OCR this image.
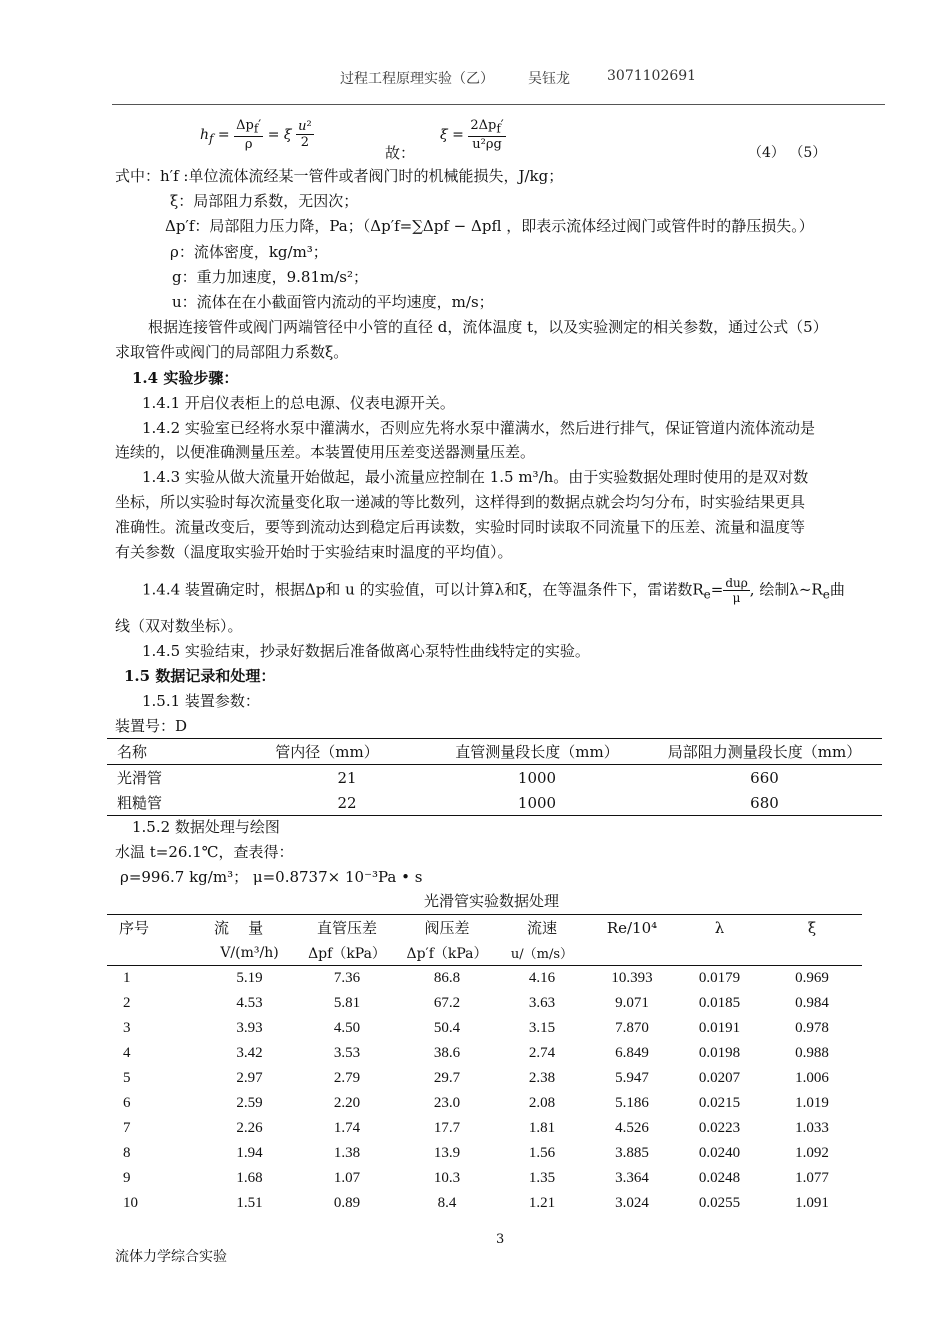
过程工程原理实验（乙） 吴钰龙	3071102691
$h_f = \frac{\Delta p_f'}{\rho} = \xi \frac{\text{u²}}{2}$
故：
$\xi = \frac{2\Delta p_f'}{\text{u²ρg}}$
（4） （5）
式中：h′f :单位流体流经某一管件或者阀门时的机械能损失，J/kg；
ξ：局部阻力系数，无因次；
Δp′f：局部阻力压力降，Pa；（Δp′f=∑Δpf − Δpfl ，即表示流体经过阀门或管件时的静压损失。）
ρ：流体密度，kg/m³；
g：重力加速度，9.81m/s²；
u：流体在在小截面管内流动的平均速度，m/s；
根据连接管件或阀门两端管径中小管的直径 d，流体温度 t，以及实验测定的相关参数，通过公式（5）
求取管件或阀门的局部阻力系数ξ。
1.4 实验步骤：
1.4.1 开启仪表柜上的总电源、仪表电源开关。
1.4.2 实验室已经将水泵中灌满水，否则应先将水泵中灌满水，然后进行排气，保证管道内流体流动是
连续的，以便准确测量压差。本装置使用压差变送器测量压差。
1.4.3 实验从做大流量开始做起，最小流量应控制在 1.5 m³/h。由于实验数据处理时使用的是双对数
坐标，所以实验时每次流量变化取一递减的等比数列，这样得到的数据点就会均匀分布，时实验结果更具
准确性。流量改变后，要等到流动达到稳定后再读数，实验时同时读取不同流量下的压差、流量和温度等
有关参数（温度取实验开始时于实验结束时温度的平均值）。
1.4.4 装置确定时，根据Δp和 u 的实验值，可以计算λ和ξ，在等温条件下，雷诺数$R_e= \frac{\text{duρ}}{\mu}$ , 绘制$\lambda\sim R_e$曲
线（双对数坐标）。
1.4.5 实验结束，抄录好数据后准备做离心泵特性曲线特定的实验。
1.5 数据记录和处理：
1.5.1 装置参数：
装置号：D
名称	管内径（mm）	直管测量段长度（mm）	局部阻力测量段长度（mm）
光滑管	21	1000	660
粗糙管	22	1000	680
1.5.2 数据处理与绘图
水温 t=26.1℃，查表得：
ρ=996.7 kg/m³； μ=0.8737× 10⁻³Pa • s
光滑管实验数据处理
序号	流    量	直管压差	阀压差	流速	Re/10⁴	λ	ξ
	V/(m³/h)	Δpf（kPa）	Δp′f（kPa）	u/（m/s）			
1	5.19	7.36	86.8	4.16	10.393	0.0179	0.969
2	4.53	5.81	67.2	3.63	9.071	0.0185	0.984
3	3.93	4.50	50.4	3.15	7.870	0.0191	0.978
4	3.42	3.53	38.6	2.74	6.849	0.0198	0.988
5	2.97	2.79	29.7	2.38	5.947	0.0207	1.006
6	2.59	2.20	23.0	2.08	5.186	0.0215	1.019
7	2.26	1.74	17.7	1.81	4.526	0.0223	1.033
8	1.94	1.38	13.9	1.56	3.885	0.0240	1.092
9	1.68	1.07	10.3	1.35	3.364	0.0248	1.077
10	1.51	0.89	8.4	1.21	3.024	0.0255	1.091
3
流体力学综合实验
